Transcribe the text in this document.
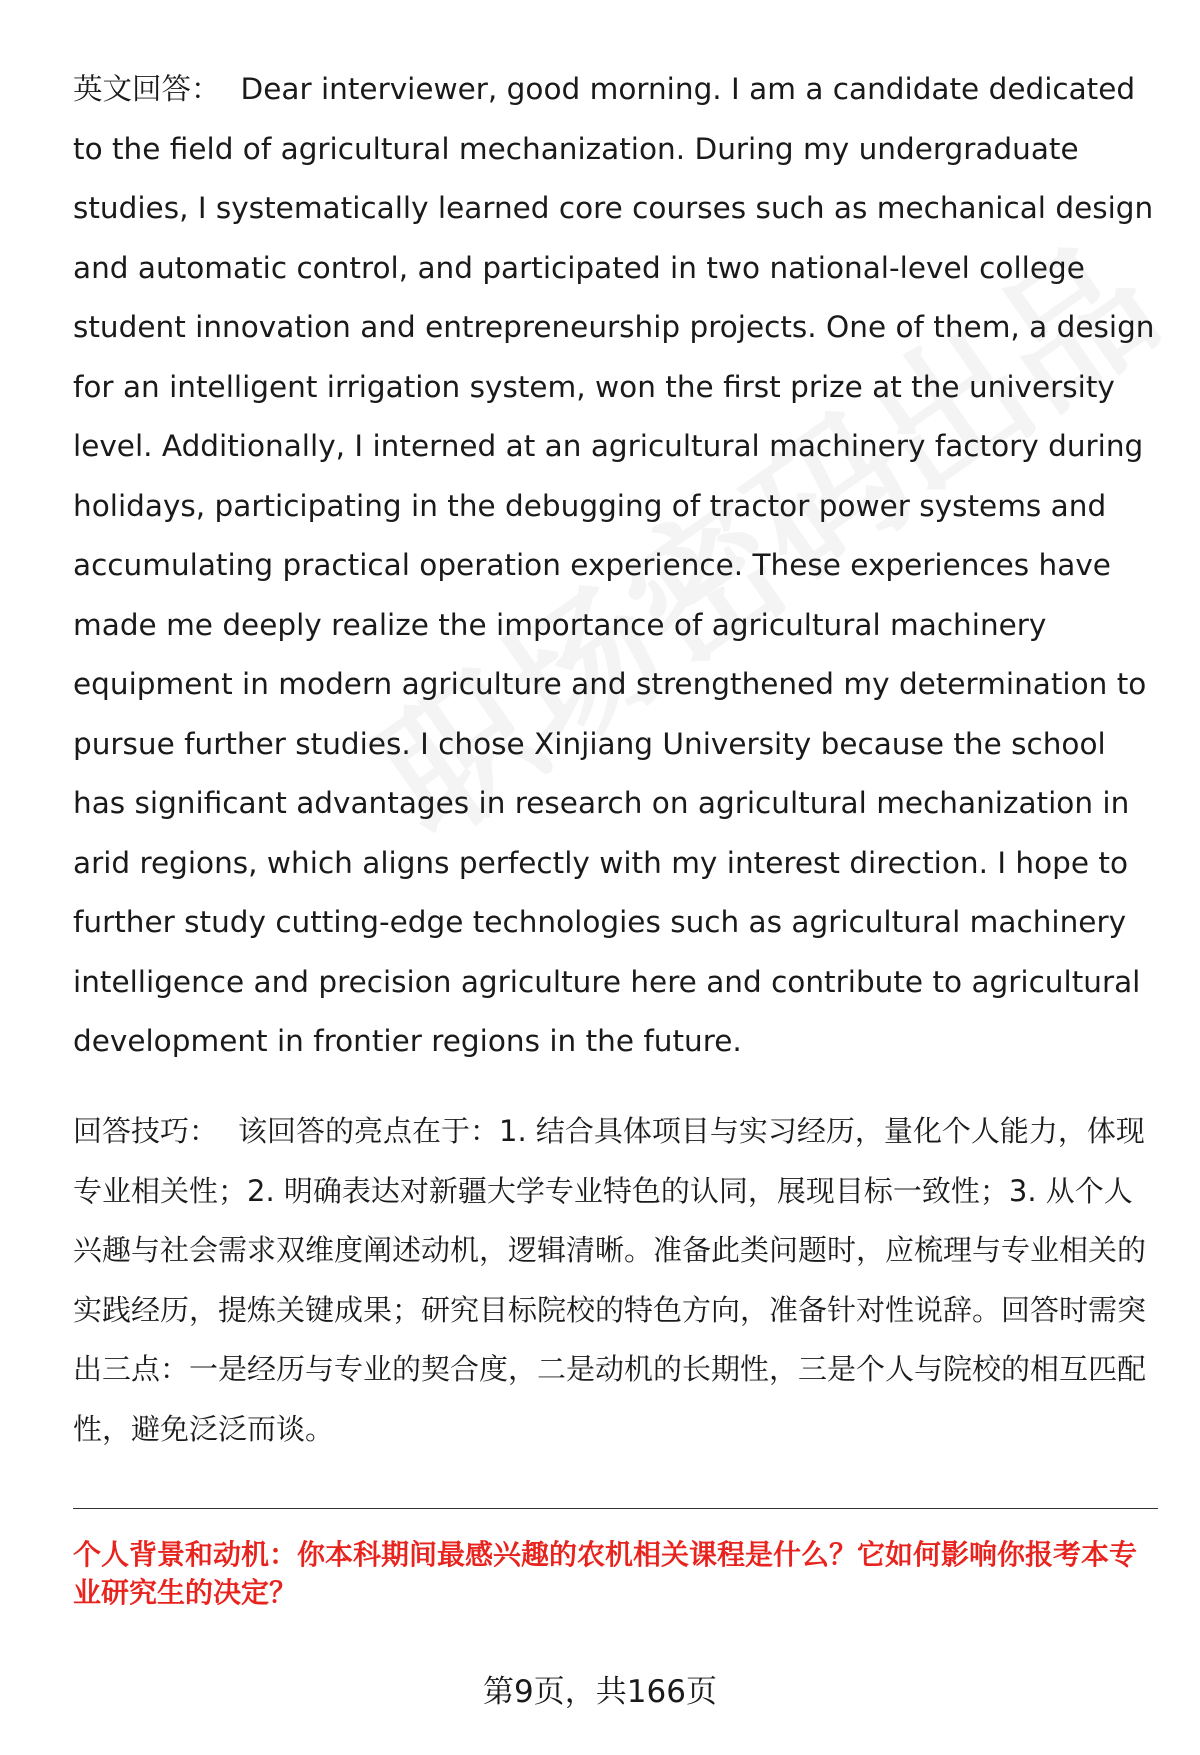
英文回答： Dear interviewer, good morning. I am a candidate dedicated to the field of agricultural mechanization. During my undergraduate studies, I systematically learned core courses such as mechanical design and automatic control, and participated in two national-level college student innovation and entrepreneurship projects. One of them, a design for an intelligent irrigation system, won the first prize at the university level. Additionally, I interned at an agricultural machinery factory during holidays, participating in the debugging of tractor power systems and accumulating practical operation experience. These experiences have made me deeply realize the importance of agricultural machinery equipment in modern agriculture and strengthened my determination to pursue further studies. I chose Xinjiang University because the school has significant advantages in research on agricultural mechanization in arid regions, which aligns perfectly with my interest direction. I hope to further study cutting-edge technologies such as agricultural machinery intelligence and precision agriculture here and contribute to agricultural development in frontier regions in the future.

回答技巧： 该回答的亮点在于：1. 结合具体项目与实习经历，量化个人能力，体现专业相关性；2. 明确表达对新疆大学专业特色的认同，展现目标一致性；3. 从个人兴趣与社会需求双维度阐述动机，逻辑清晰。准备此类问题时，应梳理与专业相关的实践经历，提炼关键成果；研究目标院校的特色方向，准备针对性说辞。回答时需突出三点：一是经历与专业的契合度，二是动机的长期性，三是个人与院校的相互匹配性，避免泛泛而谈。

个人背景和动机：你本科期间最感兴趣的农机相关课程是什么？它如何影响你报考本专业研究生的决定？

第9页，共166页
